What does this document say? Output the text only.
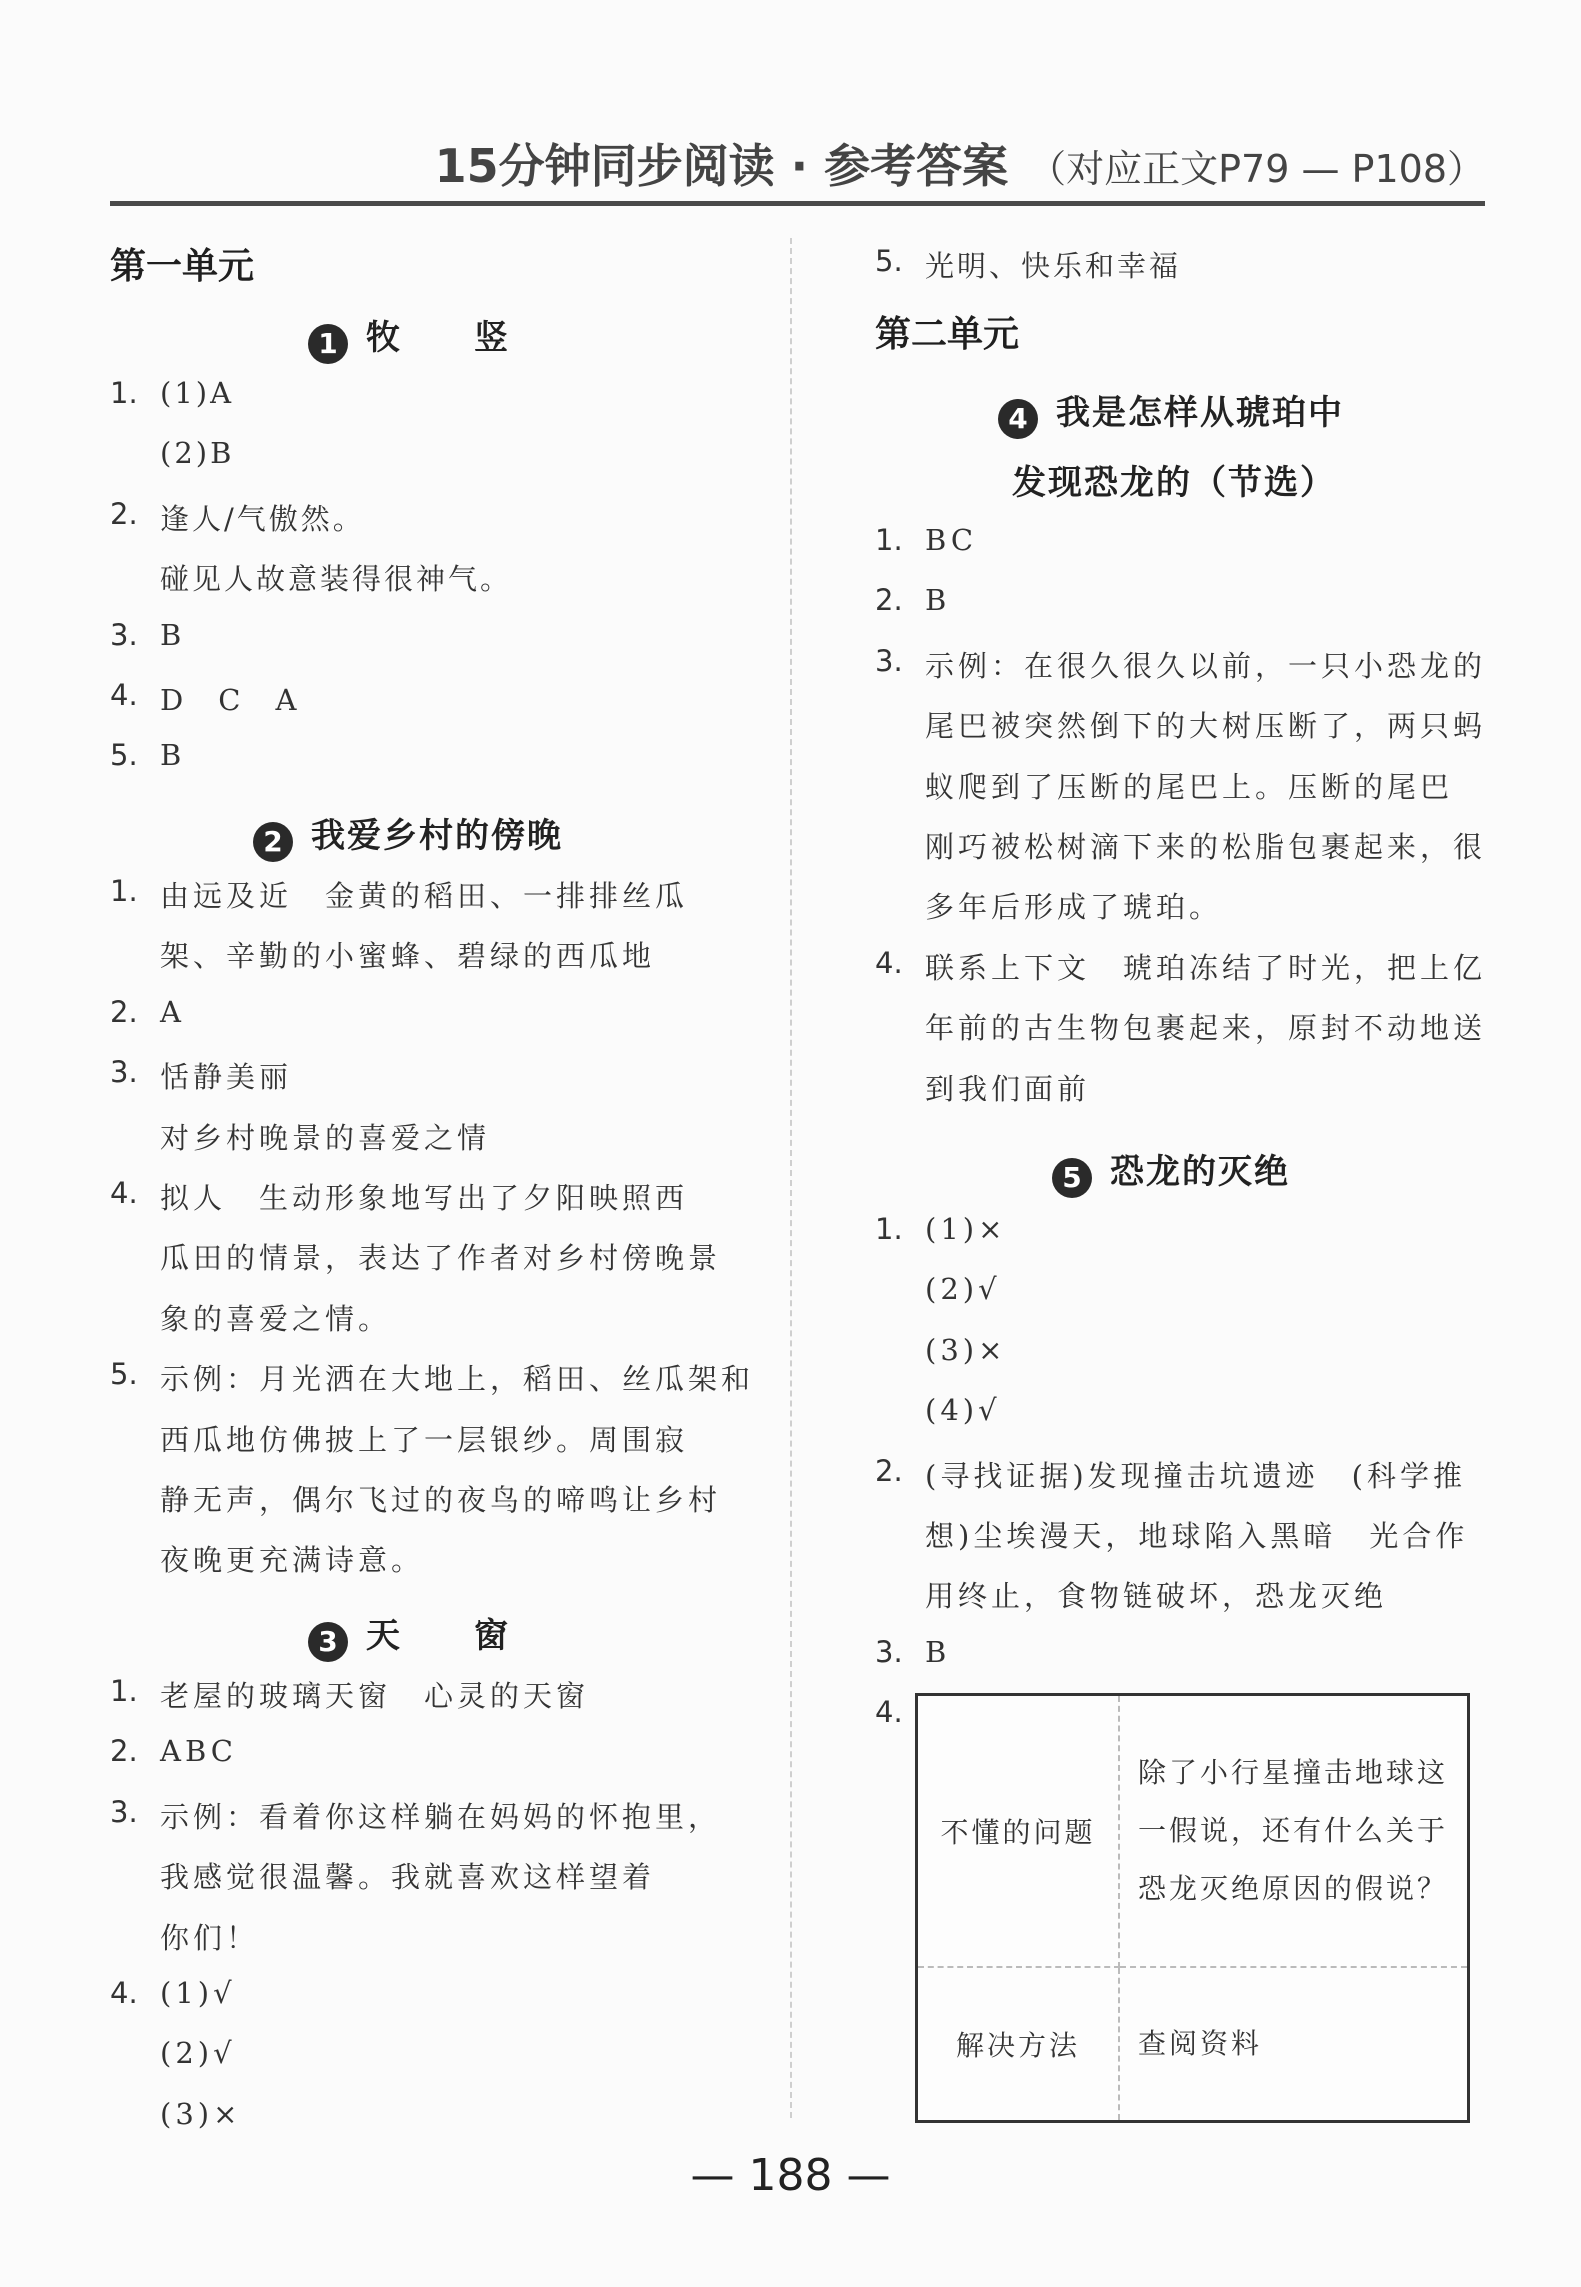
15分钟同步阅读 · 参考答案 （对应正文P79 — P108）
第一单元
1 牧　　竖
1. (1)A
(2)B
2. 逢人/气傲然。
碰见人故意装得很神气。
3. B
4. D　C　A
5. B
2 我爱乡村的傍晚
1. 由远及近　金黄的稻田、一排排丝瓜
架、辛勤的小蜜蜂、碧绿的西瓜地
2. A
3. 恬静美丽
对乡村晚景的喜爱之情
4. 拟人　生动形象地写出了夕阳映照西
瓜田的情景，表达了作者对乡村傍晚景
象的喜爱之情。
5. 示例：月光洒在大地上，稻田、丝瓜架和
西瓜地仿佛披上了一层银纱。周围寂
静无声，偶尔飞过的夜鸟的啼鸣让乡村
夜晚更充满诗意。
3 天　　窗
1. 老屋的玻璃天窗　心灵的天窗
2. ABC
3. 示例：看着你这样躺在妈妈的怀抱里，
我感觉很温馨。我就喜欢这样望着
你们！
4. (1)√
(2)√
(3)×
5. 光明、快乐和幸福
第二单元
4 我是怎样从琥珀中
发现恐龙的（节选）
1. BC
2. B
3. 示例：在很久很久以前，一只小恐龙的
尾巴被突然倒下的大树压断了，两只蚂
蚁爬到了压断的尾巴上。压断的尾巴
刚巧被松树滴下来的松脂包裹起来，很
多年后形成了琥珀。
4. 联系上下文　琥珀冻结了时光，把上亿
年前的古生物包裹起来，原封不动地送
到我们面前
5 恐龙的灭绝
1. (1)×
(2)√
(3)×
(4)√
2. (寻找证据)发现撞击坑遗迹　(科学推
想)尘埃漫天，地球陷入黑暗　光合作
用终止，食物链破坏，恐龙灭绝
3. B
4.
不懂的问题	除了小行星撞击地球这
一假说，还有什么关于
恐龙灭绝原因的假说？

解决方法	查阅资料
— 188 —
